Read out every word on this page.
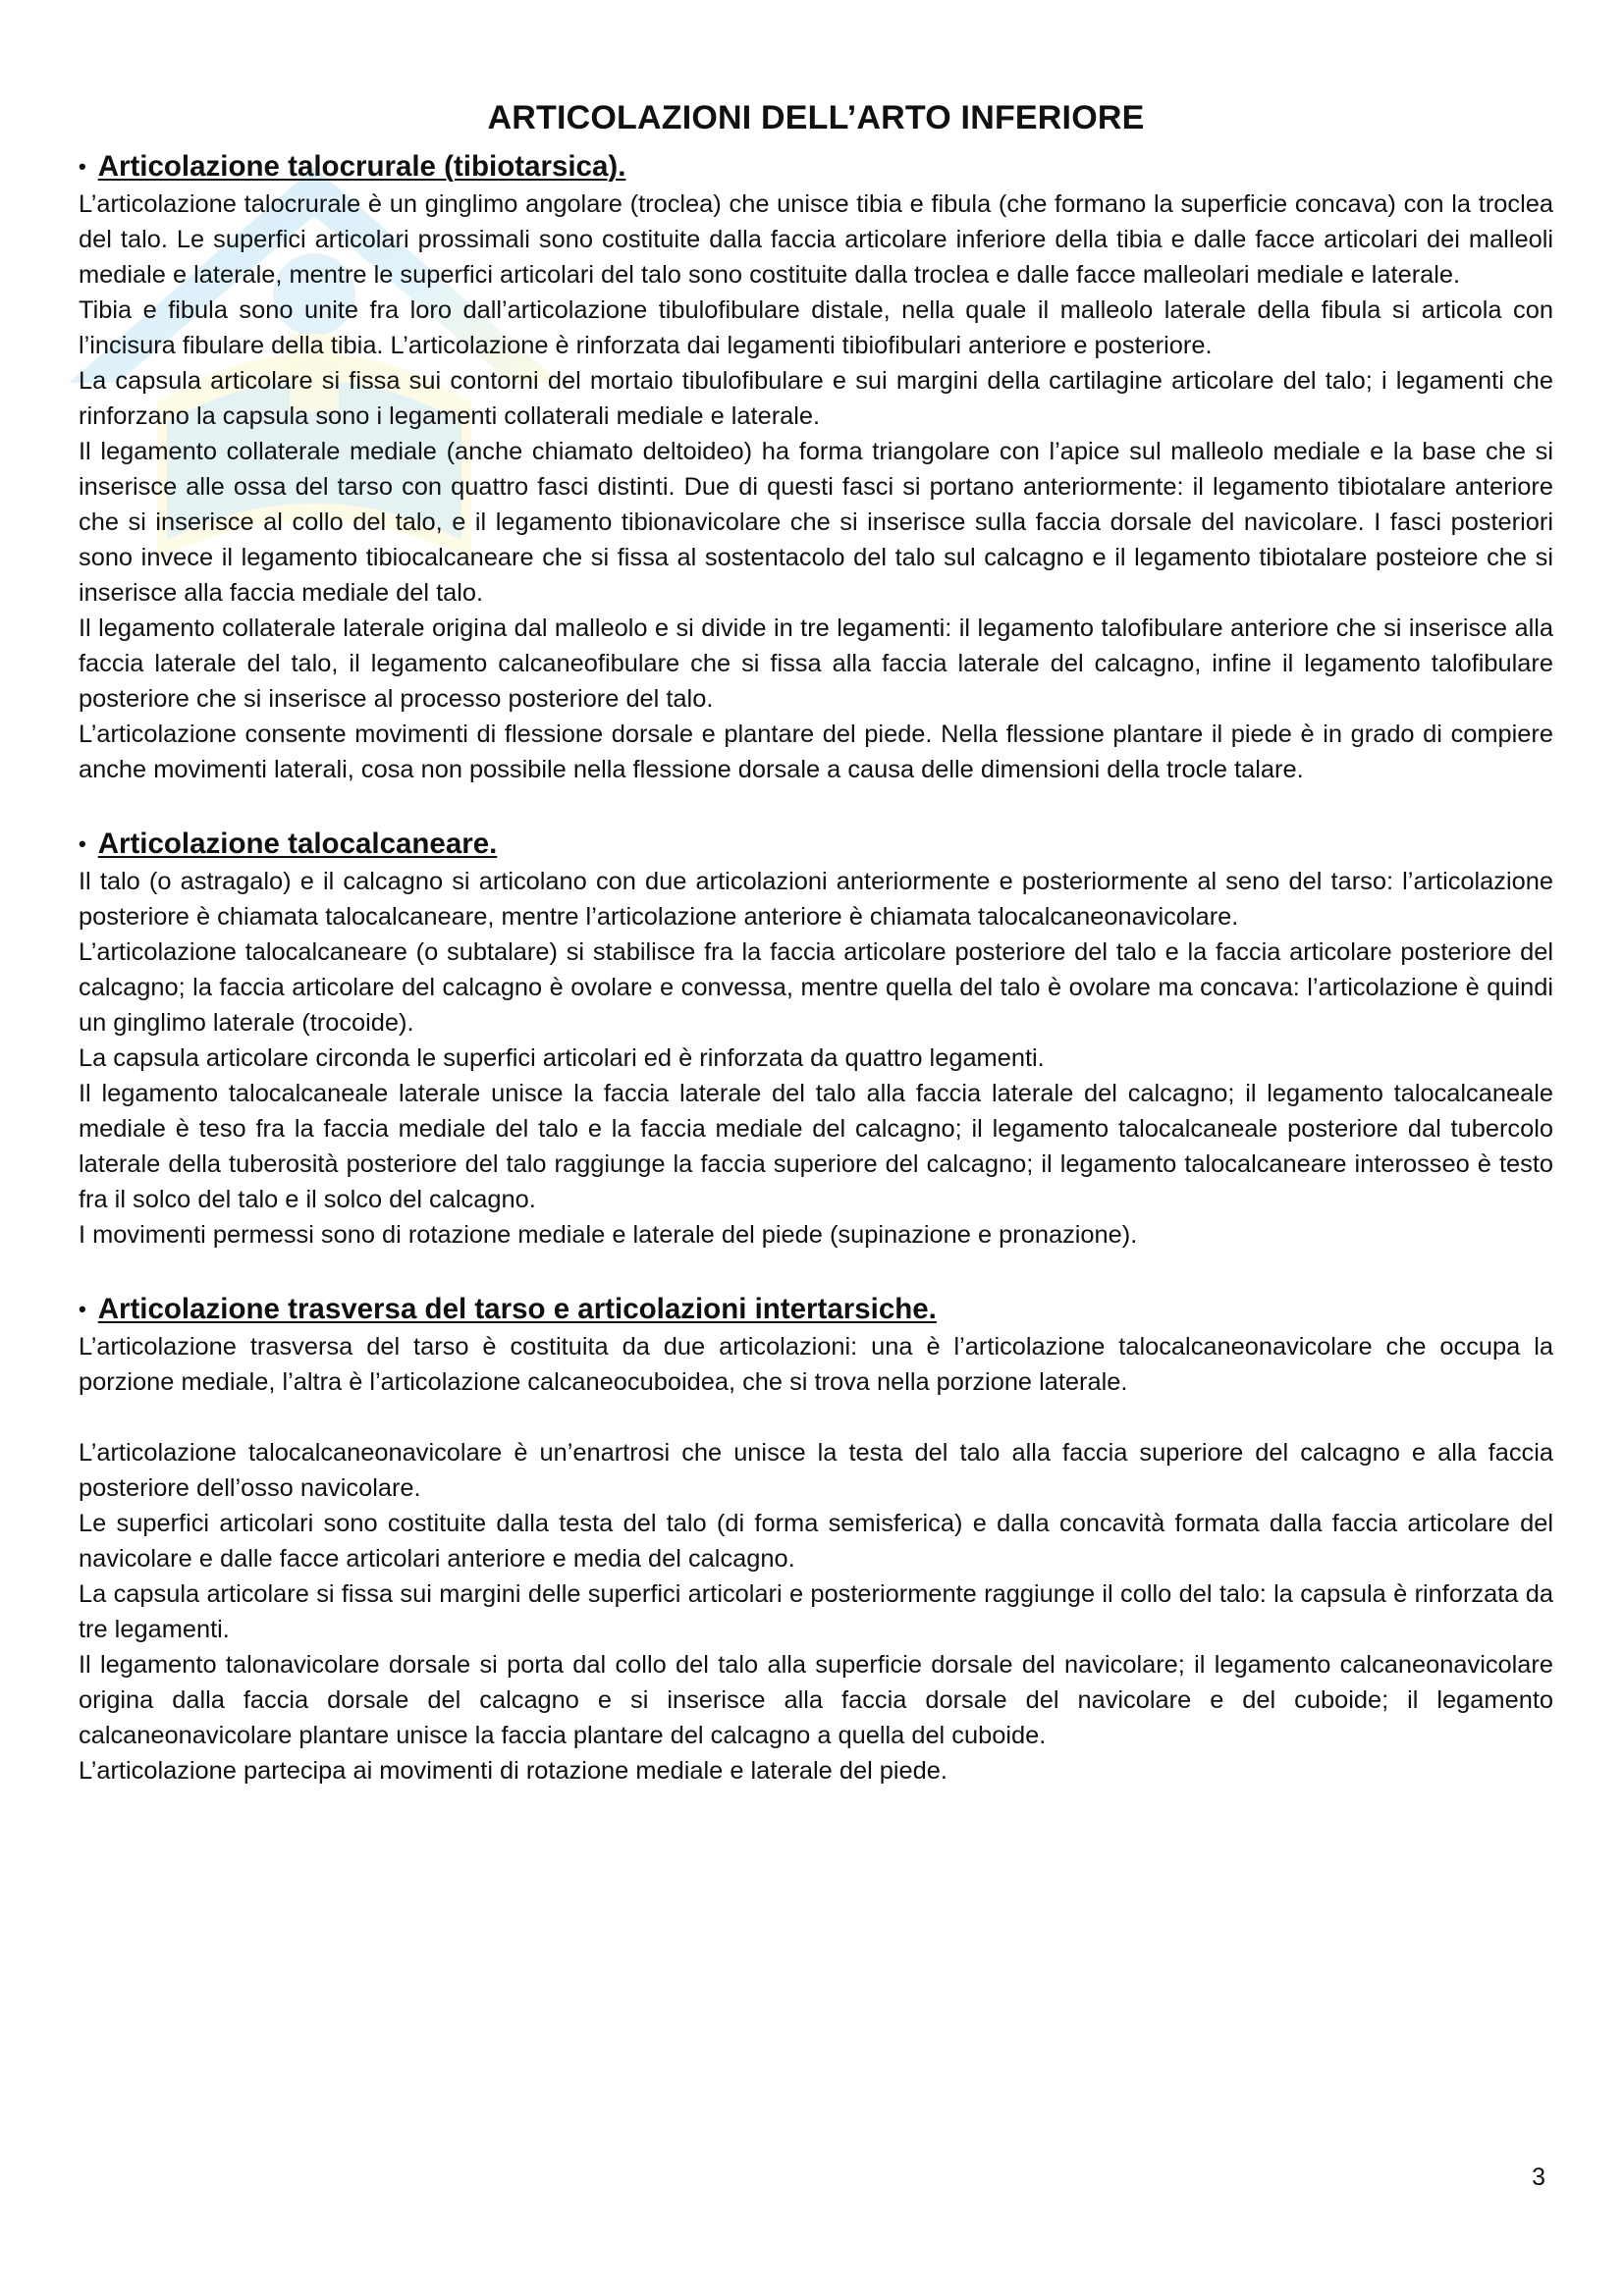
ARTICOLAZIONI DELL’ARTO INFERIORE
• Articolazione talocrurale (tibiotarsica).

L’articolazione talocrurale è un ginglimo angolare (troclea) che unisce tibia e fibula (che formano la superficie concava) con la troclea del talo. Le superfici articolari prossimali sono costituite dalla faccia articolare inferiore della tibia e dalle facce articolari dei malleoli mediale e laterale, mentre le superfici articolari del talo sono costituite dalla troclea e dalle facce malleolari mediale e laterale.

Tibia e fibula sono unite fra loro dall’articolazione tibulofibulare distale, nella quale il malleolo laterale della fibula si articola con l’incisura fibulare della tibia. L’articolazione è rinforzata dai legamenti tibiofibulari anteriore e posteriore.

La capsula articolare si fissa sui contorni del mortaio tibulofibulare e sui margini della cartilagine articolare del talo; i legamenti che rinforzano la capsula sono i legamenti collaterali mediale e laterale.

Il legamento collaterale mediale (anche chiamato deltoideo) ha forma triangolare con l’apice sul malleolo mediale e la base che si inserisce alle ossa del tarso con quattro fasci distinti. Due di questi fasci si portano anteriormente: il legamento tibiotalare anteriore che si inserisce al collo del talo, e il legamento tibionavicolare che si inserisce sulla faccia dorsale del navicolare. I fasci posteriori sono invece il legamento tibiocalcaneare che si fissa al sostentacolo del talo sul calcagno e il legamento tibiotalare posteiore che si inserisce alla faccia mediale del talo.

Il legamento collaterale laterale origina dal malleolo e si divide in tre legamenti: il legamento talofibulare anteriore che si inserisce alla faccia laterale del talo, il legamento calcaneofibulare che si fissa alla faccia laterale del calcagno, infine il legamento talofibulare posteriore che si inserisce al processo posteriore del talo.

L’articolazione consente movimenti di flessione dorsale e plantare del piede. Nella flessione plantare il piede è in grado di compiere anche movimenti laterali, cosa non possibile nella flessione dorsale a causa delle dimensioni della trocle talare.

• Articolazione talocalcaneare.

Il talo (o astragalo) e il calcagno si articolano con due articolazioni anteriormente e posteriormente al seno del tarso: l’articolazione posteriore è chiamata talocalcaneare, mentre l’articolazione anteriore è chiamata talocalcaneonavicolare.

L’articolazione talocalcaneare (o subtalare) si stabilisce fra la faccia articolare posteriore del talo e la faccia articolare posteriore del calcagno; la faccia articolare del calcagno è ovolare e convessa, mentre quella del talo è ovolare ma concava: l’articolazione è quindi un ginglimo laterale (trocoide).

La capsula articolare circonda le superfici articolari ed è rinforzata da quattro legamenti.

Il legamento talocalcaneale laterale unisce la faccia laterale del talo alla faccia laterale del calcagno; il legamento talocalcaneale mediale è teso fra la faccia mediale del talo e la faccia mediale del calcagno; il legamento talocalcaneale posteriore dal tubercolo laterale della tuberosità posteriore del talo raggiunge la faccia superiore del calcagno; il legamento talocalcaneare interosseo è testo fra il solco del talo e il solco del calcagno.

I movimenti permessi sono di rotazione mediale e laterale del piede (supinazione e pronazione).

• Articolazione trasversa del tarso e articolazioni intertarsiche.

L’articolazione trasversa del tarso è costituita da due articolazioni: una è l’articolazione talocalcaneonavicolare che occupa la porzione mediale, l’altra è l’articolazione calcaneocuboidea, che si trova nella porzione laterale.

L’articolazione talocalcaneonavicolare è un’enartrosi che unisce la testa del talo alla faccia superiore del calcagno e alla faccia posteriore dell’osso navicolare.

Le superfici articolari sono costituite dalla testa del talo (di forma semisferica) e dalla concavità formata dalla faccia articolare del navicolare e dalle facce articolari anteriore e media del calcagno.

La capsula articolare si fissa sui margini delle superfici articolari e posteriormente raggiunge il collo del talo: la capsula è rinforzata da tre legamenti.

Il legamento talonavicolare dorsale si porta dal collo del talo alla superficie dorsale del navicolare; il legamento calcaneonavicolare origina dalla faccia dorsale del calcagno e si inserisce alla faccia dorsale del navicolare e del cuboide; il legamento calcaneonavicolare plantare unisce la faccia plantare del calcagno a quella del cuboide.

L’articolazione partecipa ai movimenti di rotazione mediale e laterale del piede.

3
